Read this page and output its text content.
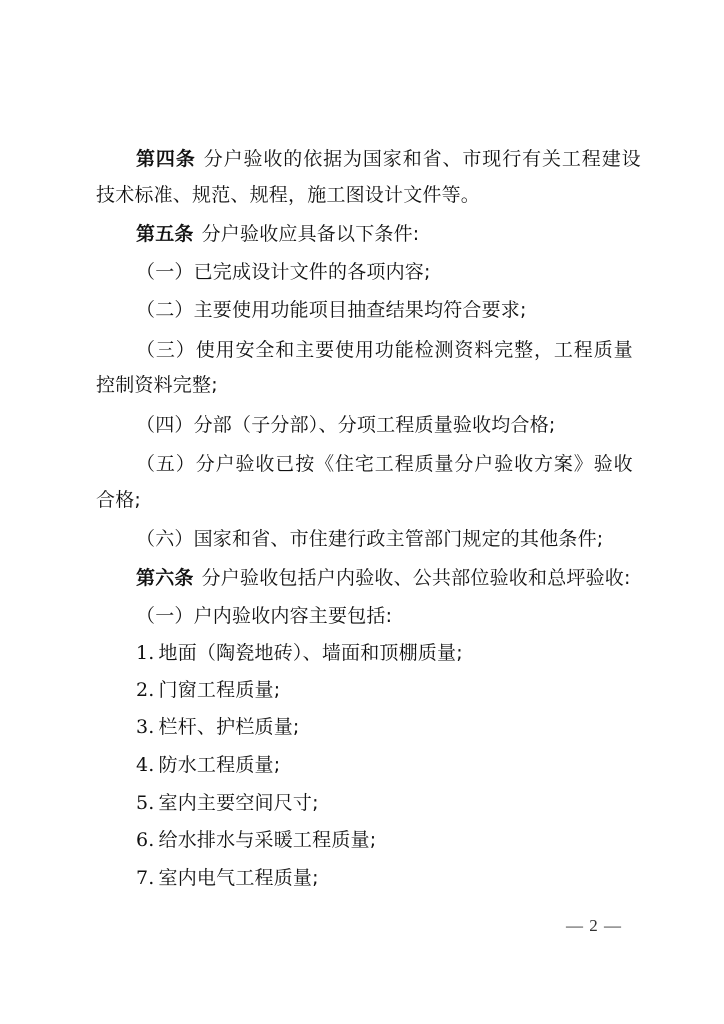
第四条 分户验收的依据为国家和省、市现行有关工程建设
技术标准、规范、规程，施工图设计文件等。
第五条 分户验收应具备以下条件:
（一）已完成设计文件的各项内容;
（二）主要使用功能项目抽查结果均符合要求;
（三）使用安全和主要使用功能检测资料完整，工程质量
控制资料完整;
（四）分部（子分部）、分项工程质量验收均合格;
（五）分户验收已按《住宅工程质量分户验收方案》验收
合格;
（六）国家和省、市住建行政主管部门规定的其他条件;
第六条 分户验收包括户内验收、公共部位验收和总坪验收:
（一）户内验收内容主要包括:
1. 地面（陶瓷地砖）、墙面和顶棚质量;
2. 门窗工程质量;
3. 栏杆、护栏质量;
4. 防水工程质量;
5. 室内主要空间尺寸;
6. 给水排水与采暖工程质量;
7. 室内电气工程质量;
— 2 —
